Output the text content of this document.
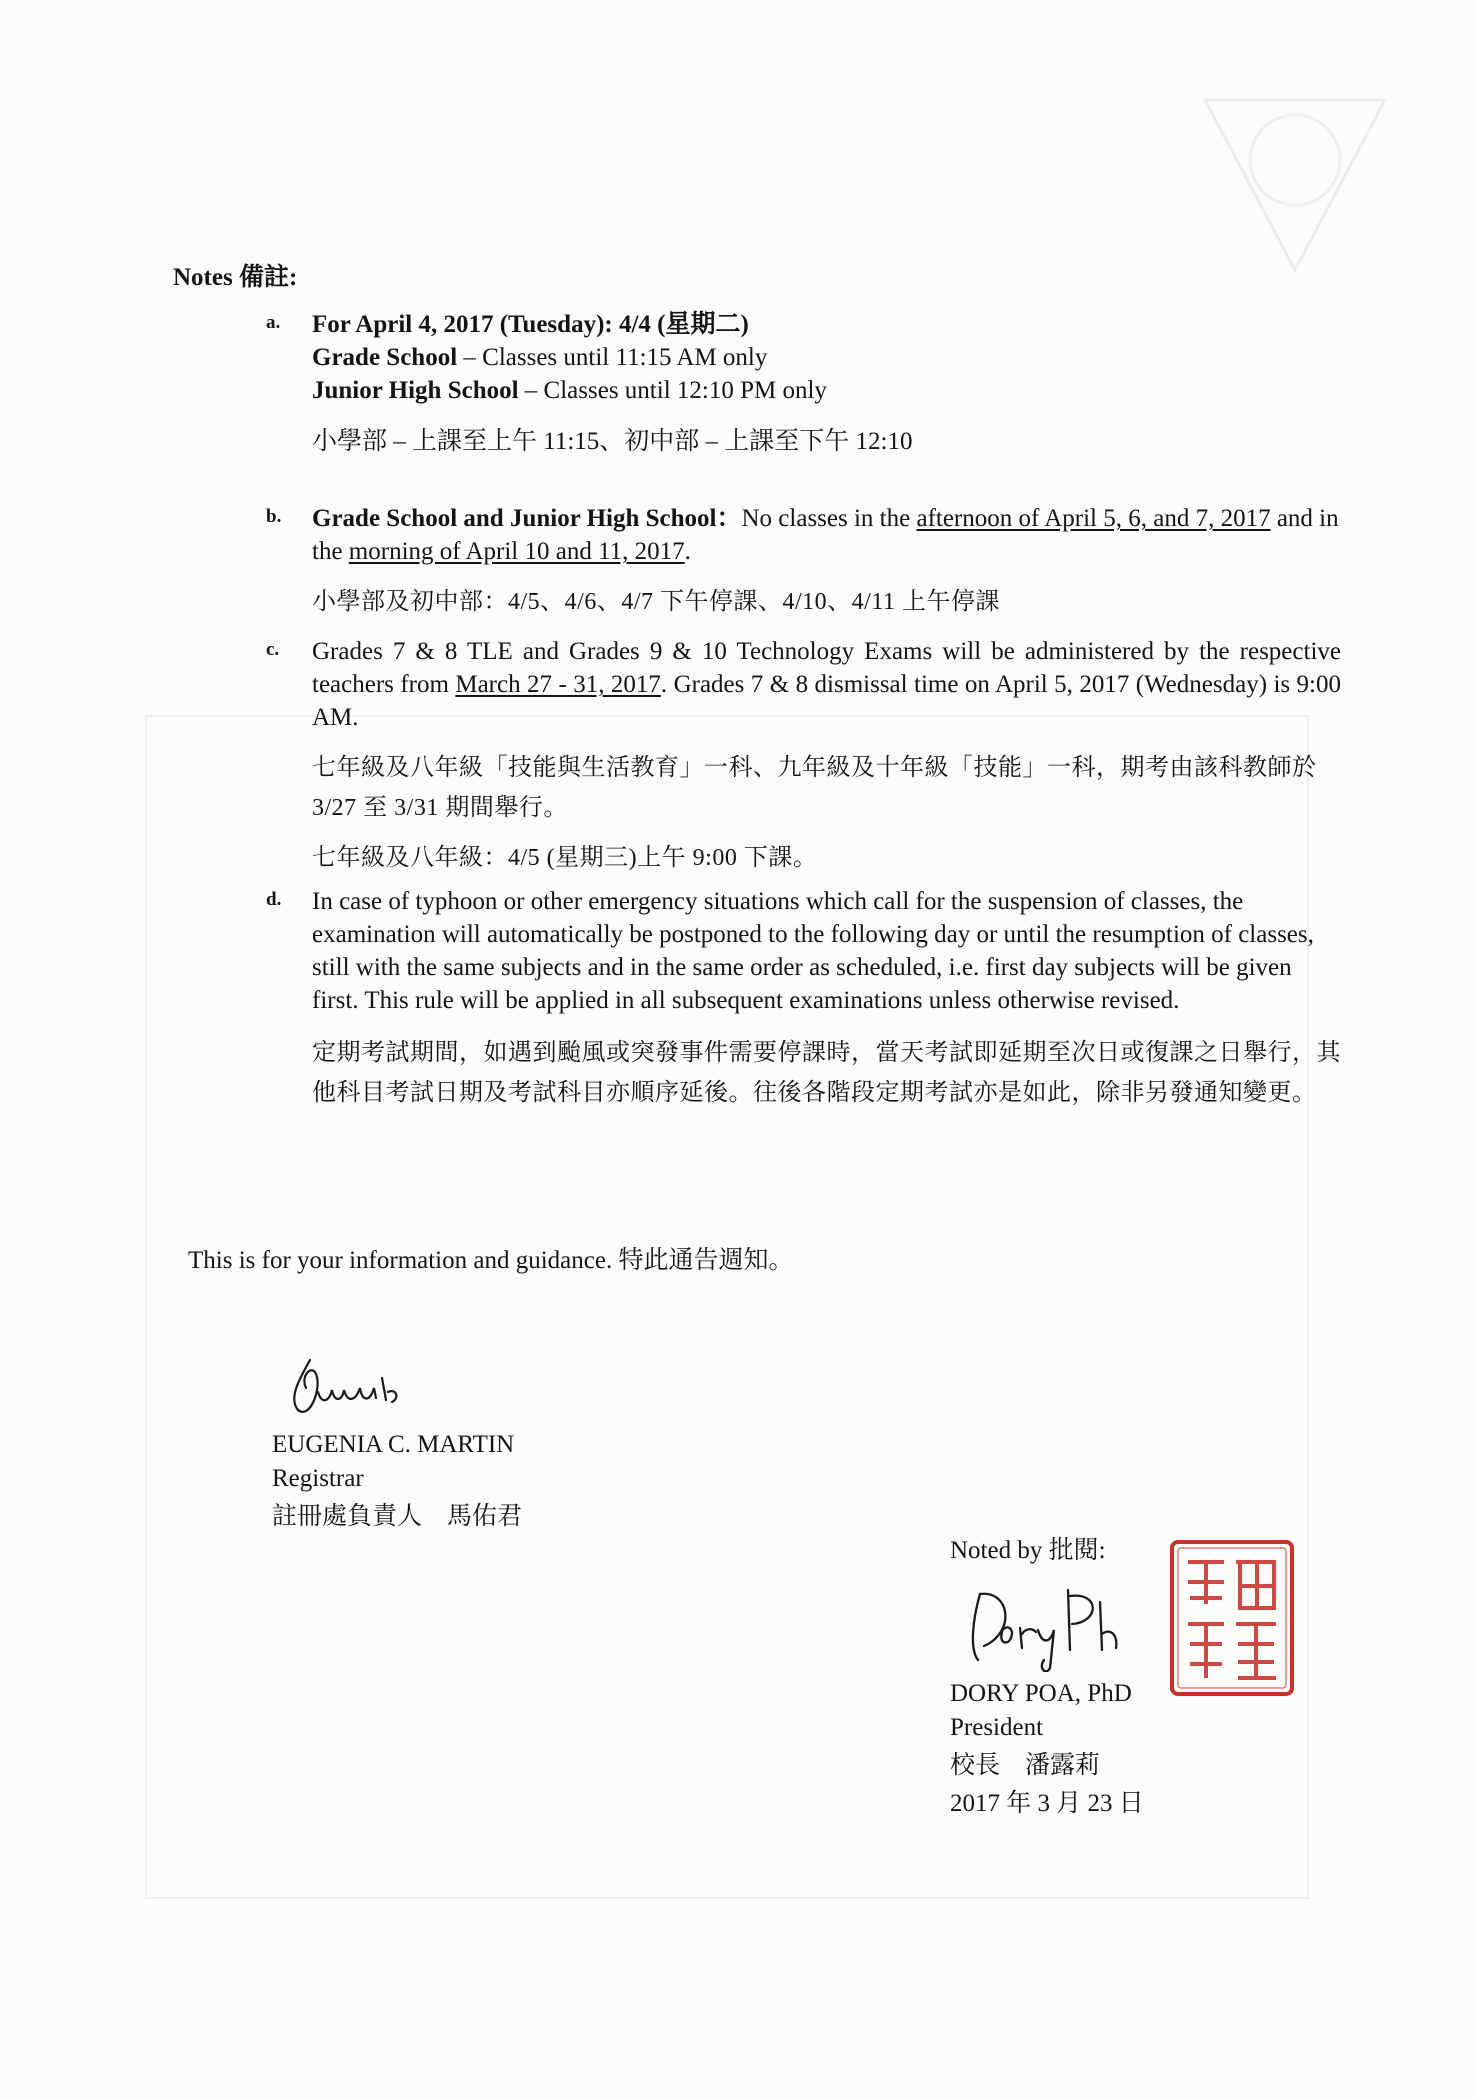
Notes 備註:
a. For April 4, 2017 (Tuesday): 4/4 (星期二)

Grade School – Classes until 11:15 AM only

Junior High School – Classes until 12:10 PM only

小學部 – 上課至上午 11:15、初中部 – 上課至下午 12:10

b. Grade School and Junior High School：No classes in the afternoon of April 5, 6, and 7, 2017 and in the morning of April 10 and 11, 2017.

小學部及初中部：4/5、4/6、4/7 下午停課、4/10、4/11 上午停課

c. Grades 7 & 8 TLE and Grades 9 & 10 Technology Exams will be administered by the respective teachers from March 27 - 31, 2017. Grades 7 & 8 dismissal time on April 5, 2017 (Wednesday) is 9:00 AM.

七年級及八年級「技能與生活教育」一科、九年級及十年級「技能」一科，期考由該科教師於 3/27 至 3/31 期間舉行。

七年級及八年級：4/5 (星期三)上午 9:00 下課。

d. In case of typhoon or other emergency situations which call for the suspension of classes, the examination will automatically be postponed to the following day or until the resumption of classes, still with the same subjects and in the same order as scheduled, i.e. first day subjects will be given first. This rule will be applied in all subsequent examinations unless otherwise revised.

定期考試期間，如遇到颱風或突發事件需要停課時，當天考試即延期至次日或復課之日舉行，其他科目考試日期及考試科目亦順序延後。往後各階段定期考試亦是如此，除非另發通知變更。

This is for your information and guidance. 特此通告週知。
EUGENIA C. MARTIN
Registrar
註冊處負責人　馬佑君
Noted by 批閱:
DORY POA, PhD
President
校長　潘露莉
2017 年 3 月 23 日
